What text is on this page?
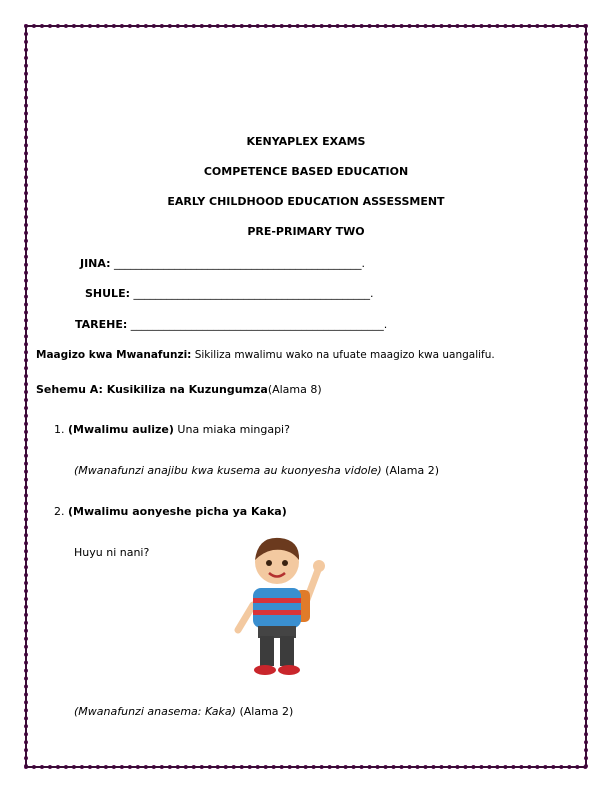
KENYAPLEX EXAMS
COMPETENCE BASED EDUCATION
EARLY CHILDHOOD EDUCATION ASSESSMENT
PRE-PRIMARY TWO
JINA: _____________________________________________.
SHULE: ___________________________________________.
TAREHE: ______________________________________________.
Maagizo kwa Mwanafunzi: Sikiliza mwalimu wako na ufuate maagizo kwa uangalifu.
Sehemu A: Kusikiliza na Kuzungumza(Alama 8)
1. (Mwalimu aulize) Una miaka mingapi?
(Mwanafunzi anajibu kwa kusema au kuonyesha vidole) (Alama 2)
2. (Mwalimu aonyeshe picha ya Kaka)
Huyu ni nani?
(Mwanafunzi anasema: Kaka) (Alama 2)
